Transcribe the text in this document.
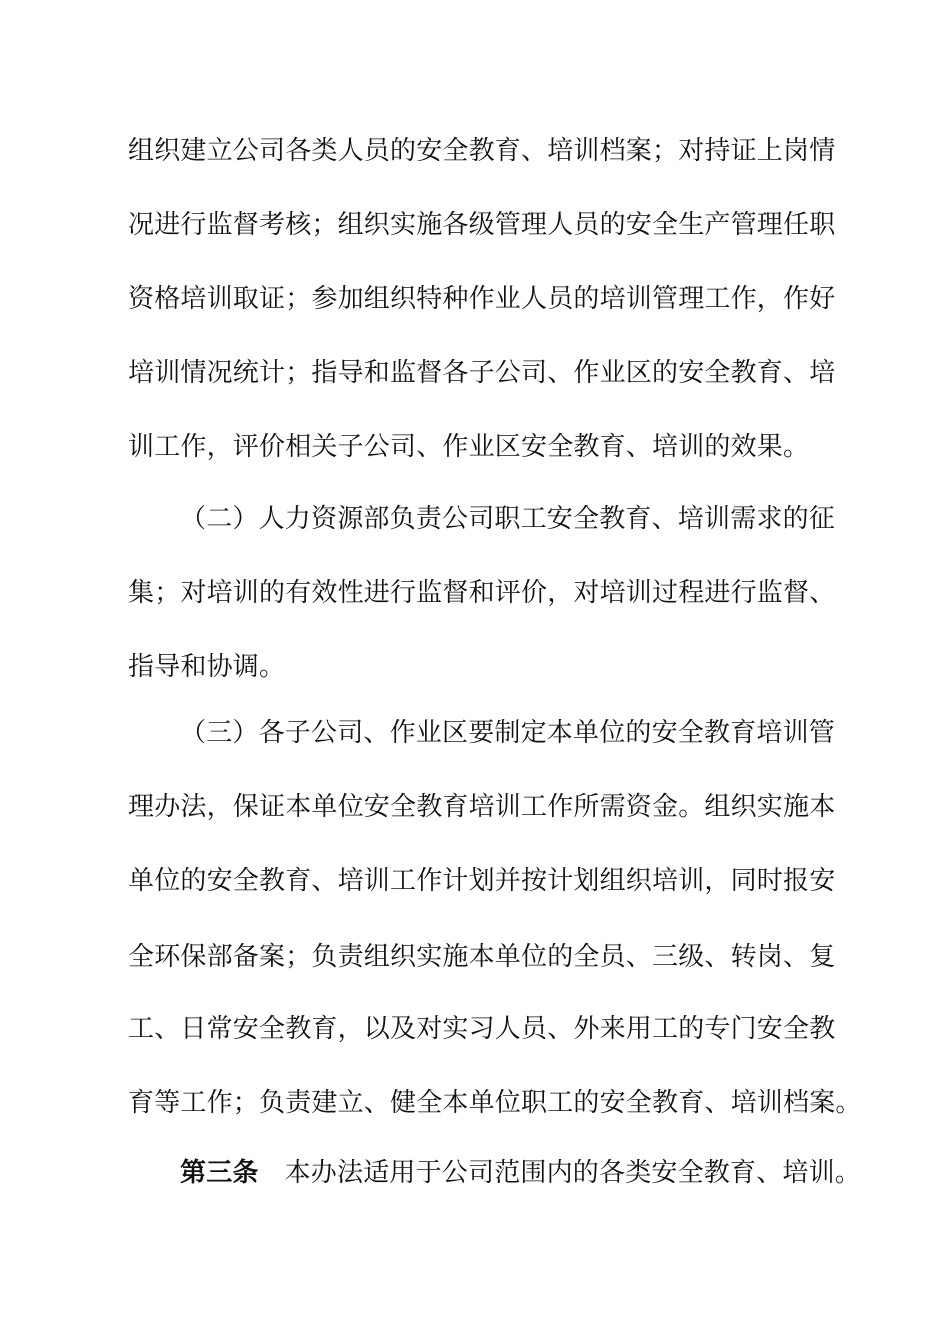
组织建立公司各类人员的安全教育、培训档案；对持证上岗情
况进行监督考核；组织实施各级管理人员的安全生产管理任职
资格培训取证；参加组织特种作业人员的培训管理工作，作好
培训情况统计；指导和监督各子公司、作业区的安全教育、培
训工作，评价相关子公司、作业区安全教育、培训的效果。
（二）人力资源部负责公司职工安全教育、培训需求的征
集；对培训的有效性进行监督和评价，对培训过程进行监督、
指导和协调。
（三）各子公司、作业区要制定本单位的安全教育培训管
理办法，保证本单位安全教育培训工作所需资金。组织实施本
单位的安全教育、培训工作计划并按计划组织培训，同时报安
全环保部备案；负责组织实施本单位的全员、三级、转岗、复
工、日常安全教育，以及对实习人员、外来用工的专门安全教
育等工作；负责建立、健全本单位职工的安全教育、培训档案。
第三条 本办法适用于公司范围内的各类安全教育、培训。
